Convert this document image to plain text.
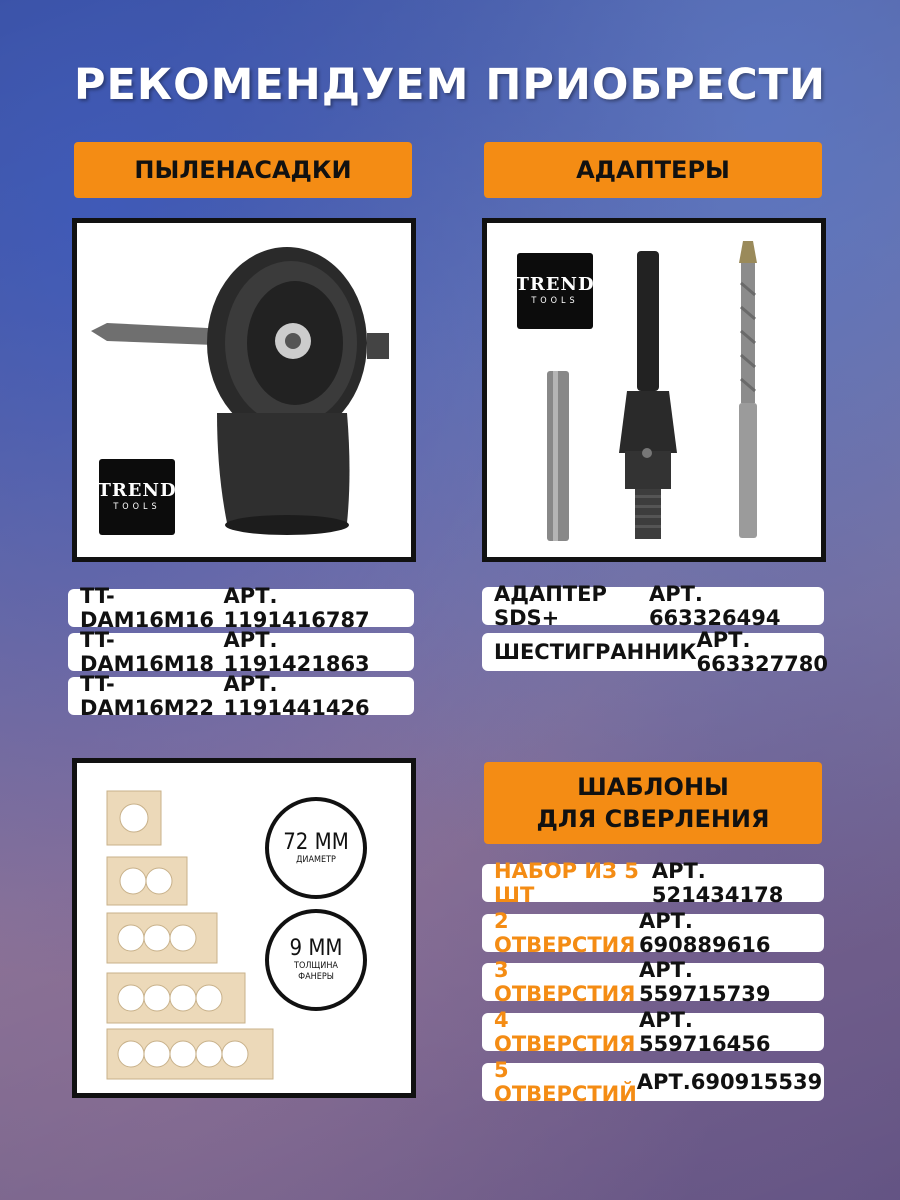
РЕКОМЕНДУЕМ ПРИОБРЕСТИ
ПЫЛЕНАСАДКИ
TREND
TOOLS
TT-DAM16M16
АРТ. 1191416787
TT-DAM16M18
АРТ. 1191421863
TT-DAM16M22
АРТ. 1191441426
АДАПТЕРЫ
TREND
TOOLS
АДАПТЕР SDS+
АРТ. 663326494
ШЕСТИГРАННИК АРТ. 663327780
72 ММ
ДИАМЕТР
9 ММ
ТОЛЩИНА
ФАНЕРЫ
ШАБЛОНЫ
ДЛЯ СВЕРЛЕНИЯ
НАБОР ИЗ 5 ШТ
АРТ. 521434178
2 ОТВЕРСТИЯ
АРТ. 690889616
3 ОТВЕРСТИЯ
АРТ. 559715739
4 ОТВЕРСТИЯ
АРТ. 559716456
5 ОТВЕРСТИЙ АРТ.690915539
